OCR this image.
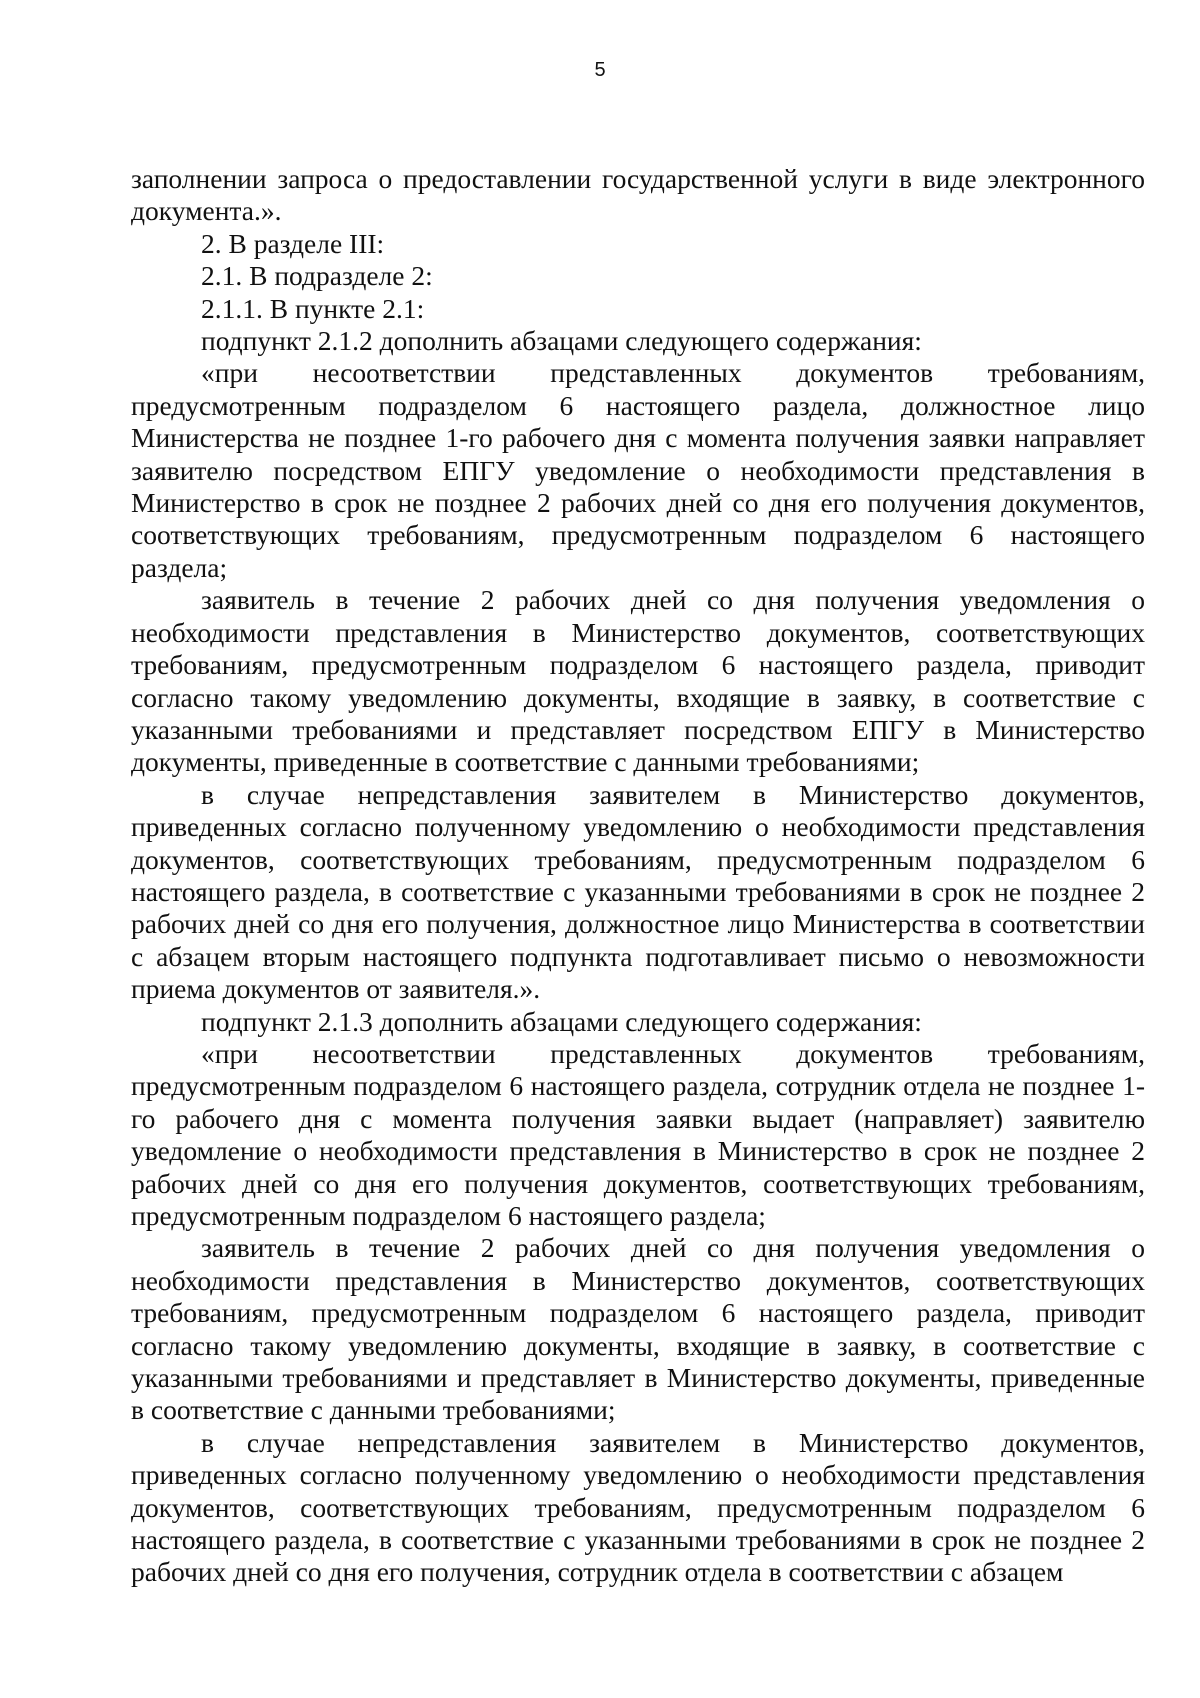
5

заполнении запроса о предоставлении государственной услуги в виде электронного документа.».

2. В разделе III:

2.1. В подразделе 2:

2.1.1. В пункте 2.1:

подпункт 2.1.2 дополнить абзацами следующего содержания:

«при несоответствии представленных документов требованиям, предусмотренным подразделом 6 настоящего раздела, должностное лицо Министерства не позднее 1-го рабочего дня с момента получения заявки направляет заявителю посредством ЕПГУ уведомление о необходимости представления в Министерство в срок не позднее 2 рабочих дней со дня его получения документов, соответствующих требованиям, предусмотренным подразделом 6 настоящего раздела;

заявитель в течение 2 рабочих дней со дня получения уведомления о необходимости представления в Министерство документов, соответствующих требованиям, предусмотренным подразделом 6 настоящего раздела, приводит согласно такому уведомлению документы, входящие в заявку, в соответствие с указанными требованиями и представляет посредством ЕПГУ в Министерство документы, приведенные в соответствие с данными требованиями;

в случае непредставления заявителем в Министерство документов, приведенных согласно полученному уведомлению о необходимости представления документов, соответствующих требованиям, предусмотренным подразделом 6 настоящего раздела, в соответствие с указанными требованиями в срок не позднее 2 рабочих дней со дня его получения, должностное лицо Министерства в соответствии с абзацем вторым настоящего подпункта подготавливает письмо о невозможности приема документов от заявителя.».

подпункт 2.1.3 дополнить абзацами следующего содержания:

«при несоответствии представленных документов требованиям, предусмотренным подразделом 6 настоящего раздела, сотрудник отдела не позднее 1-го рабочего дня с момента получения заявки выдает (направляет) заявителю уведомление о необходимости представления в Министерство в срок не позднее 2 рабочих дней со дня его получения документов, соответствующих требованиям, предусмотренным подразделом 6 настоящего раздела;

заявитель в течение 2 рабочих дней со дня получения уведомления о необходимости представления в Министерство документов, соответствующих требованиям, предусмотренным подразделом 6 настоящего раздела, приводит согласно такому уведомлению документы, входящие в заявку, в соответствие с указанными требованиями и представляет в Министерство документы, приведенные в соответствие с данными требованиями;

в случае непредставления заявителем в Министерство документов, приведенных согласно полученному уведомлению о необходимости представления документов, соответствующих требованиям, предусмотренным подразделом 6 настоящего раздела, в соответствие с указанными требованиями в срок не позднее 2 рабочих дней со дня его получения, сотрудник отдела в соответствии с абзацем
